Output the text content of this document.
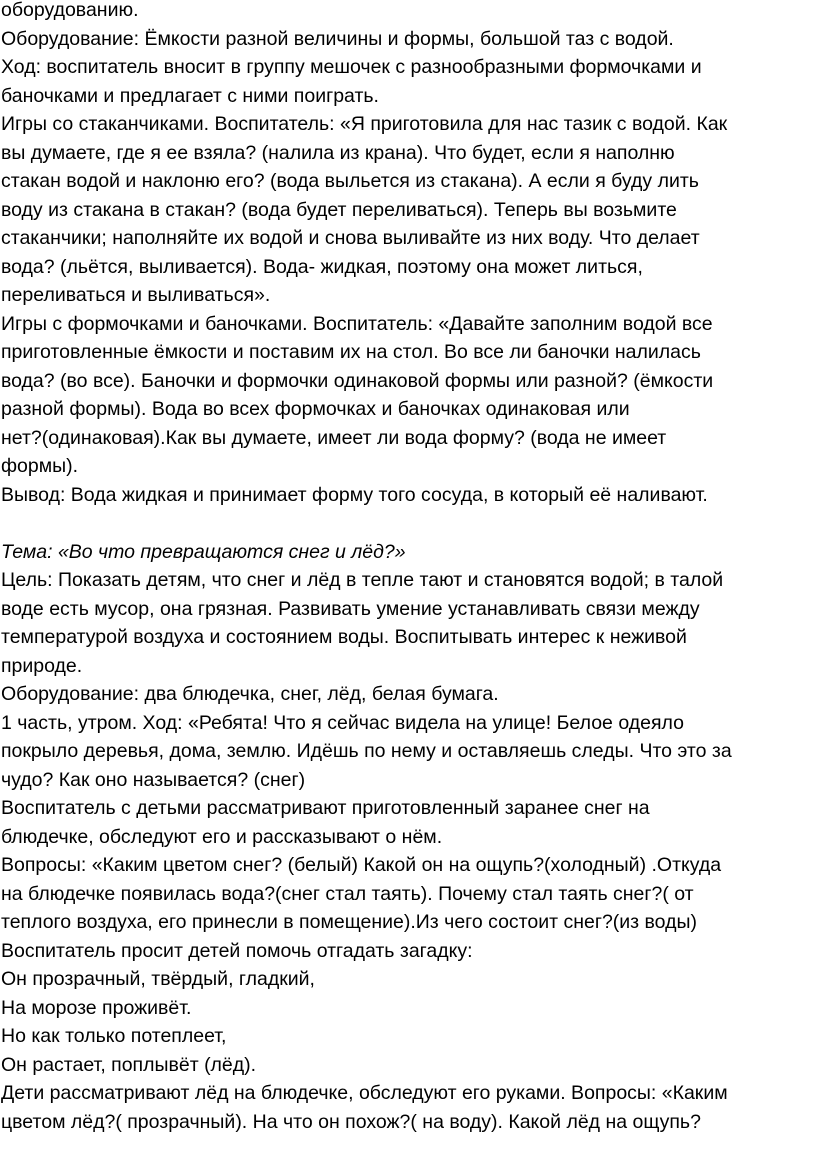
оборудованию.
Оборудование: Ёмкости разной величины и формы, большой таз с водой.
Ход: воспитатель вносит в группу мешочек с разнообразными формочками и
баночками и предлагает с ними поиграть.
Игры со стаканчиками. Воспитатель: «Я приготовила для нас тазик с водой. Как
вы думаете, где я ее взяла? (налила из крана). Что будет, если я наполню
стакан водой и наклоню его? (вода выльется из стакана). А если я буду лить
воду из стакана в стакан? (вода будет переливаться). Теперь вы возьмите
стаканчики; наполняйте их водой и снова выливайте из них воду. Что делает
вода? (льётся, выливается). Вода- жидкая, поэтому она может литься,
переливаться и выливаться».
Игры с формочками и баночками. Воспитатель: «Давайте заполним водой все
приготовленные ёмкости и поставим их на стол. Во все ли баночки налилась
вода? (во все). Баночки и формочки одинаковой формы или разной? (ёмкости
разной формы). Вода во всех формочках и баночках одинаковая или
нет?(одинаковая).Как вы думаете, имеет ли вода форму? (вода не имеет
формы).
Вывод: Вода жидкая и принимает форму того сосуда, в который её наливают.
Тема: «Во что превращаются снег и лёд?»
Цель: Показать детям, что снег и лёд в тепле тают и становятся водой; в талой
воде есть мусор, она грязная. Развивать умение устанавливать связи между
температурой воздуха и состоянием воды. Воспитывать интерес к неживой
природе.
Оборудование: два блюдечка, снег, лёд, белая бумага.
1 часть, утром. Ход: «Ребята! Что я сейчас видела на улице! Белое одеяло
покрыло деревья, дома, землю. Идёшь по нему и оставляешь следы. Что это за
чудо? Как оно называется? (снег)
Воспитатель с детьми рассматривают приготовленный заранее снег на
блюдечке, обследуют его и рассказывают о нём.
Вопросы: «Каким цветом снег? (белый) Какой он на ощупь?(холодный) .Откуда
на блюдечке появилась вода?(снег стал таять). Почему стал таять снег?( от
теплого воздуха, его принесли в помещение).Из чего состоит снег?(из воды)
Воспитатель просит детей помочь отгадать загадку:
Он прозрачный, твёрдый, гладкий,
На морозе проживёт.
Но как только потеплеет,
Он растает, поплывёт (лёд).
Дети рассматривают лёд на блюдечке, обследуют его руками. Вопросы: «Каким
цветом лёд?( прозрачный). На что он похож?( на воду). Какой лёд на ощупь?
